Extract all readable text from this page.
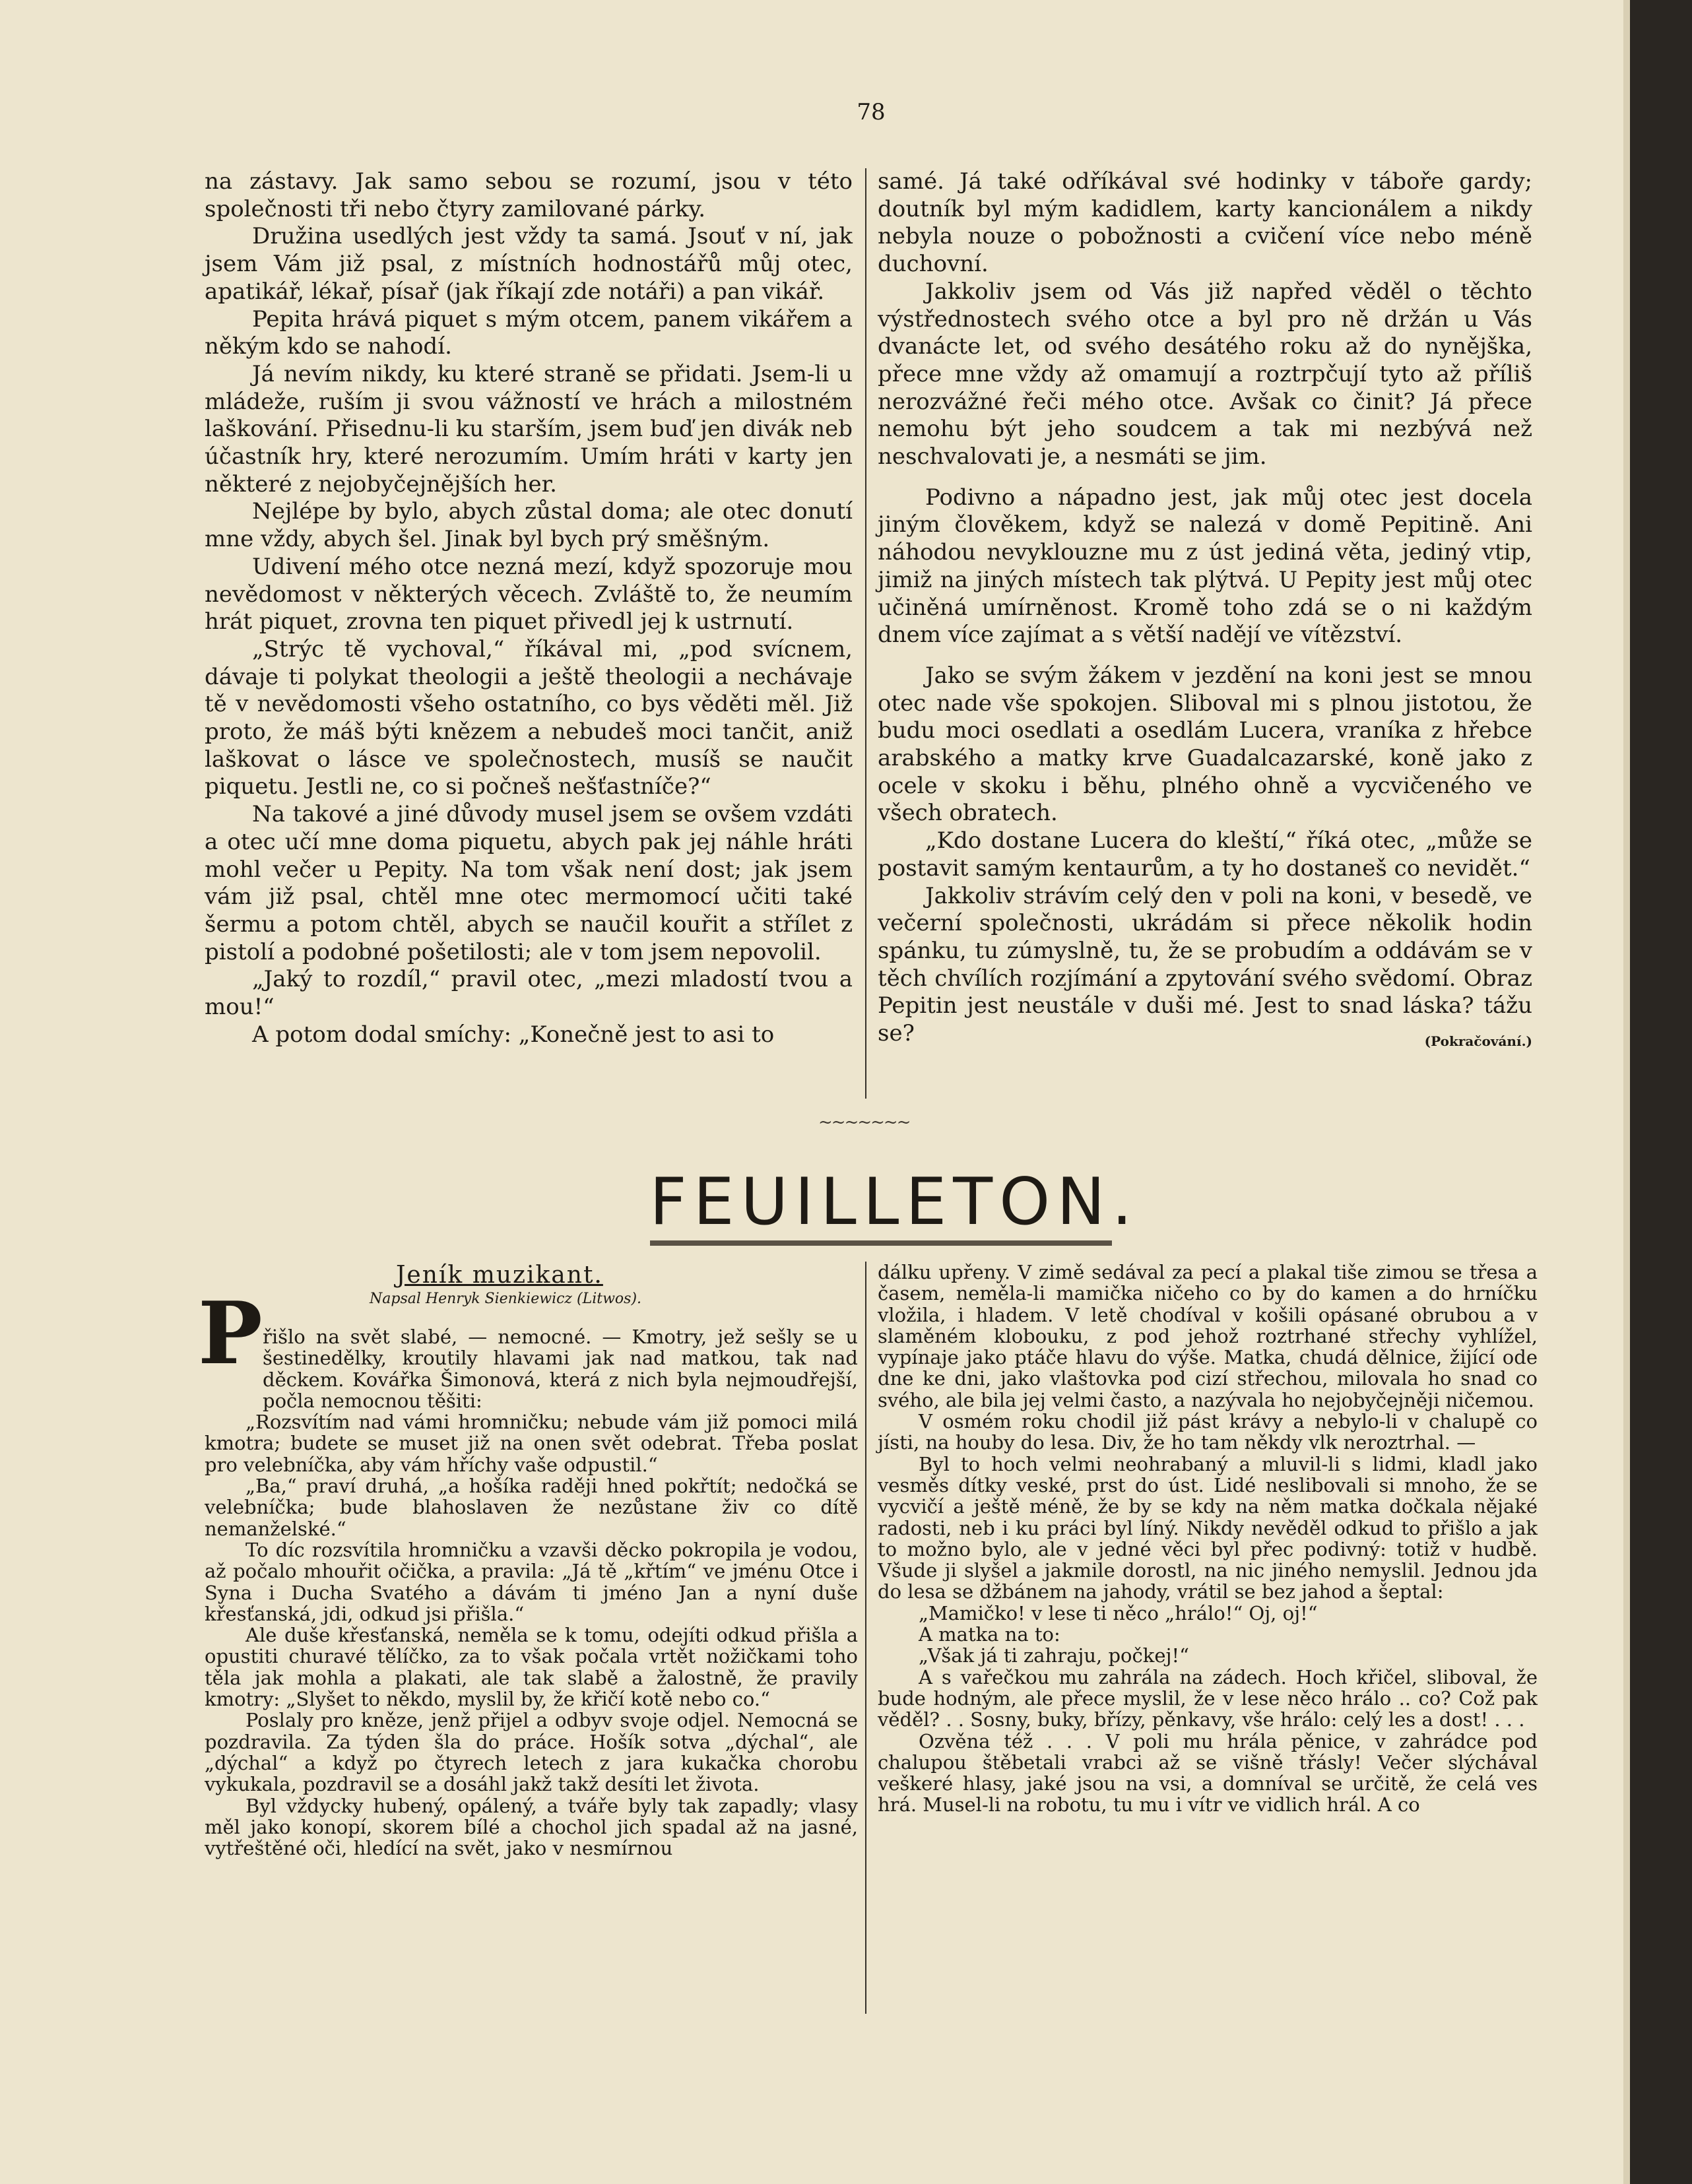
78

na zástavy. Jak samo sebou se rozumí, jsou v této společnosti tři nebo čtyry zamilované párky.

Družina usedlých jest vždy ta samá. Jsouť v ní, jak jsem Vám již psal, z místních hodnostářů můj otec, apatikář, lékař, písař (jak říkají zde notáři) a pan vikář.

Pepita hrává piquet s mým otcem, panem vikářem a někým kdo se nahodí.

Já nevím nikdy, ku které straně se přidati. Jsem-li u mládeže, ruším ji svou vážností ve hrách a milostném laškování. Přisednu-li ku starším, jsem buď jen divák neb účastník hry, které nerozumím. Umím hráti v karty jen některé z nejobyčejnějších her.

Nejlépe by bylo, abych zůstal doma; ale otec donutí mne vždy, abych šel. Jinak byl bych prý směšným.

Udivení mého otce nezná mezí, když spozoruje mou nevědomost v některých věcech. Zvláště to, že neumím hrát piquet, zrovna ten piquet přivedl jej k ustrnutí.

„Strýc tě vychoval,“ říkával mi, „pod svícnem, dávaje ti polykat theologii a ještě theologii a nechávaje tě v nevědomosti všeho ostatního, co bys věděti měl. Již proto, že máš býti knězem a nebudeš moci tančit, aniž laškovat o lásce ve společnostech, musíš se naučit piquetu. Jestli ne, co si počneš nešťastníče?“

Na takové a jiné důvody musel jsem se ovšem vzdáti a otec učí mne doma piquetu, abych pak jej náhle hráti mohl večer u Pepity. Na tom však není dost; jak jsem vám již psal, chtěl mne otec mermomocí učiti také šermu a potom chtěl, abych se naučil kouřit a střílet z pistolí a podobné pošetilosti; ale v tom jsem nepovolil.

„Jaký to rozdíl,“ pravil otec, „mezi mladostí tvou a mou!“

A potom dodal smíchy: „Konečně jest to asi to

samé. Já také odříkával své hodinky v táboře gardy; doutník byl mým kadidlem, karty kancionálem a nikdy nebyla nouze o pobožnosti a cvičení více nebo méně duchovní.

Jakkoliv jsem od Vás již napřed věděl o těchto výstřednostech svého otce a byl pro ně držán u Vás dvanácte let, od svého desátého roku až do nynějška, přece mne vždy až omamují a roztrpčují tyto až příliš nerozvážné řeči mého otce. Avšak co činit? Já přece nemohu být jeho soudcem a tak mi nezbývá než neschvalovati je, a nesmáti se jim.

Podivno a nápadno jest, jak můj otec jest docela jiným člověkem, když se nalezá v domě Pepitině. Ani náhodou nevyklouzne mu z úst jediná věta, jediný vtip, jimiž na jiných místech tak plýtvá. U Pepity jest můj otec učiněná umírněnost. Kromě toho zdá se o ni každým dnem více zajímat a s větší nadějí ve vítězství.

Jako se svým žákem v jezdění na koni jest se mnou otec nade vše spokojen. Sliboval mi s plnou jistotou, že budu moci osedlati a osedlám Lucera, vraníka z hřebce arabského a matky krve Guadalcazarské, koně jako z ocele v skoku i běhu, plného ohně a vycvičeného ve všech obratech.

„Kdo dostane Lucera do kleští,“ říká otec, „může se postavit samým kentaurům, a ty ho dostaneš co nevidět.“

Jakkoliv strávím celý den v poli na koni, v besedě, ve večerní společnosti, ukrádám si přece několik hodin spánku, tu zúmyslně, tu, že se probudím a oddávám se v těch chvílích rozjímání a zpytování svého svědomí. Obraz Pepitin jest neustále v duši mé. Jest to snad láska? tážu se?	(Pokračování.)

~~~~~~~
FEUILLETON.
Jeník muzikant.
Napsal Henryk Sienkiewicz (Litwos).
P řišlo na svět slabé, — nemocné. — Kmotry, jež sešly se u šestinedělky, kroutily hlavami jak nad matkou, tak nad děckem. Kovářka Šimonová, která z nich byla nejmoudřejší, počla nemocnou těšiti:

„Rozsvítím nad vámi hromničku; nebude vám již pomoci milá kmotra; budete se muset již na onen svět odebrat. Třeba poslat pro velebníčka, aby vám hříchy vaše odpustil.“

„Ba,“ praví druhá, „a hošíka raději hned pokřtít; nedočká se velebníčka; bude blahoslaven že nezůstane živ co dítě nemanželské.“

To díc rozsvítila hromničku a vzavši děcko pokropila je vodou, až počalo mhouřit očička, a pravila: „Já tě „křtím“ ve jménu Otce i Syna i Ducha Svatého a dávám ti jméno Jan a nyní duše křesťanská, jdi, odkud jsi přišla.“

Ale duše křesťanská, neměla se k tomu, odejíti odkud přišla a opustiti churavé tělíčko, za to však počala vrtět nožičkami toho těla jak mohla a plakati, ale tak slabě a žalostně, že pravily kmotry: „Slyšet to někdo, myslil by, že křičí kotě nebo co.“

Poslaly pro kněze, jenž přijel a odbyv svoje odjel. Nemocná se pozdravila. Za týden šla do práce. Hošík sotva „dýchal“, ale „dýchal“ a když po čtyrech letech z jara kukačka chorobu vykukala, pozdravil se a dosáhl jakž takž desíti let života.

Byl vždycky hubený, opálený, a tváře byly tak zapadly; vlasy měl jako konopí, skorem bílé a chochol jich spadal až na jasné, vytřeštěné oči, hledící na svět, jako v nesmírnou

dálku upřeny. V zimě sedával za pecí a plakal tiše zimou se třesa a časem, neměla-li mamička ničeho co by do kamen a do hrníčku vložila, i hladem. V letě chodíval v košili opásané obrubou a v slaměném klobouku, z pod jehož roztrhané střechy vyhlížel, vypínaje jako ptáče hlavu do výše. Matka, chudá dělnice, žijící ode dne ke dni, jako vlaštovka pod cizí střechou, milovala ho snad co svého, ale bila jej velmi často, a nazývala ho nejobyčejněji ničemou.

V osmém roku chodil již pást krávy a nebylo-li v chalupě co jísti, na houby do lesa. Div, že ho tam někdy vlk neroztrhal. —

Byl to hoch velmi neohrabaný a mluvil-li s lidmi, kladl jako vesměs dítky veské, prst do úst. Lidé neslibovali si mnoho, že se vycvičí a ještě méně, že by se kdy na něm matka dočkala nějaké radosti, neb i ku práci byl líný. Nikdy nevěděl odkud to přišlo a jak to možno bylo, ale v jedné věci byl přec podivný: totiž v hudbě. Všude ji slyšel a jakmile dorostl, na nic jiného nemyslil. Jednou jda do lesa se džbánem na jahody, vrátil se bez jahod a šeptal:

„Mamičko! v lese ti něco „hrálo!“ Oj, oj!“

A matka na to:

„Však já ti zahraju, počkej!“

A s vařečkou mu zahrála na zádech. Hoch křičel, sliboval, že bude hodným, ale přece myslil, že v lese něco hrálo .. co? Což pak věděl? . . Sosny, buky, břízy, pěnkavy, vše hrálo: celý les a dost! . . .

Ozvěna též . . . V poli mu hrála pěnice, v zahrádce pod chalupou štěbetali vrabci až se višně třásly! Večer slýchával veškeré hlasy, jaké jsou na vsi, a domníval se určitě, že celá ves hrá. Musel-li na robotu, tu mu i vítr ve vidlich hrál. A co
